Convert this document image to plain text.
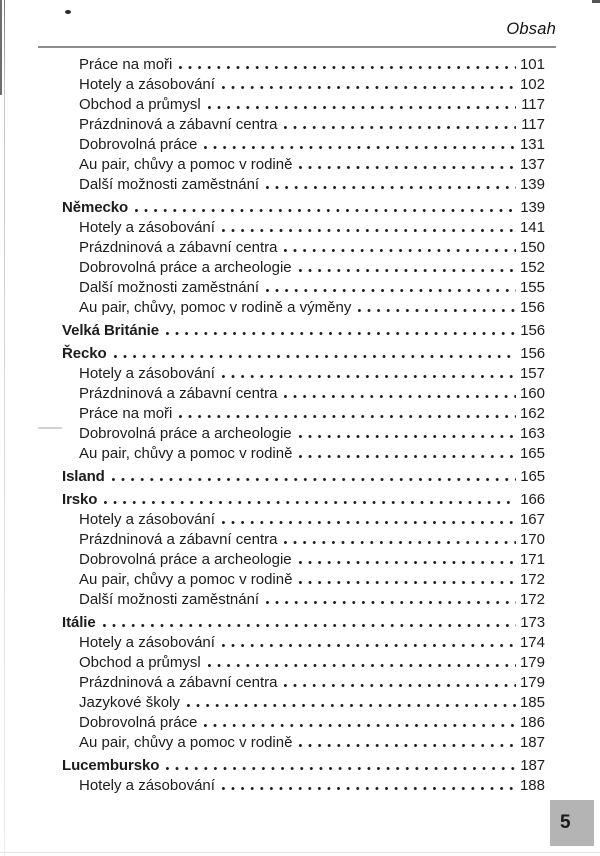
Obsah
Práce na moři	101
Hotely a zásobování	102
Obchod a průmysl	117
Prázdninová a zábavní centra	117
Dobrovolná práce	131
Au pair, chůvy a pomoc v rodině	137
Další možnosti zaměstnání	139
Německo	139
Hotely a zásobování	141
Prázdninová a zábavní centra	150
Dobrovolná práce a archeologie	152
Další možnosti zaměstnání	155
Au pair, chůvy, pomoc v rodině a výměny	156
Velká Británie	156
Řecko	156
Hotely a zásobování	157
Prázdninová a zábavní centra	160
Práce na moři	162
Dobrovolná práce a archeologie	163
Au pair, chůvy a pomoc v rodině	165
Island	165
Irsko	166
Hotely a zásobování	167
Prázdninová a zábavní centra	170
Dobrovolná práce a archeologie	171
Au pair, chůvy a pomoc v rodině	172
Další možnosti zaměstnání	172
Itálie	173
Hotely a zásobování	174
Obchod a průmysl	179
Prázdninová a zábavní centra	179
Jazykové školy	185
Dobrovolná práce	186
Au pair, chůvy a pomoc v rodině	187
Lucembursko	187
Hotely a zásobování	188
5
